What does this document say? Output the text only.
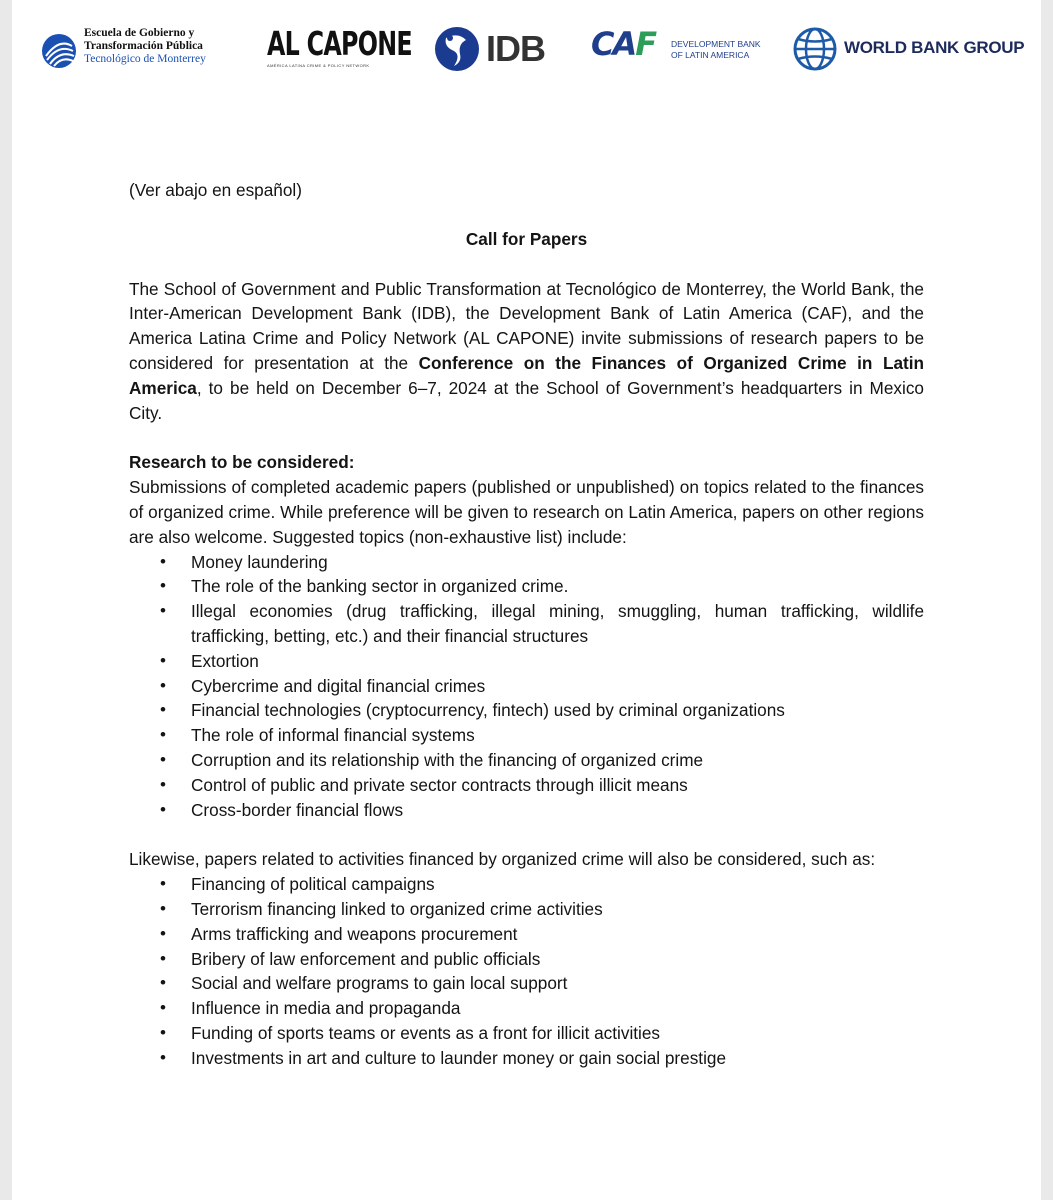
Escuela de Gobierno y
Transformación Pública
Tecnológico de Monterrey AL CAPONE
AMÉRICA LATINA CRIME & POLICY NETWORK	IDB CAF DEVELOPMENT BANK
OF LATIN AMERICA	WORLD BANK GROUP

(Ver abajo en español)

Call for Papers

The School of Government and Public Transformation at Tecnológico de Monterrey, the World Bank, the Inter-American Development Bank (IDB), the Development Bank of Latin America (CAF), and the America Latina Crime and Policy Network (AL CAPONE) invite submissions of research papers to be considered for presentation at the Conference on the Finances of Organized Crime in Latin America, to be held on December 6–7, 2024 at the School of Government’s headquarters in Mexico City.

Research to be considered:

Submissions of completed academic papers (published or unpublished) on topics related to the finances of organized crime. While preference will be given to research on Latin America, papers on other regions are also welcome. Suggested topics (non-exhaustive list) include:

• Money laundering
• The role of the banking sector in organized crime.
• Illegal economies (drug trafficking, illegal mining, smuggling, human trafficking, wildlife trafficking, betting, etc.) and their financial structures
• Extortion
• Cybercrime and digital financial crimes
• Financial technologies (cryptocurrency, fintech) used by criminal organizations
• The role of informal financial systems
• Corruption and its relationship with the financing of organized crime
• Control of public and private sector contracts through illicit means
• Cross-border financial flows

Likewise, papers related to activities financed by organized crime will also be considered, such as:

• Financing of political campaigns
• Terrorism financing linked to organized crime activities
• Arms trafficking and weapons procurement
• Bribery of law enforcement and public officials
• Social and welfare programs to gain local support
• Influence in media and propaganda
• Funding of sports teams or events as a front for illicit activities
• Investments in art and culture to launder money or gain social prestige
